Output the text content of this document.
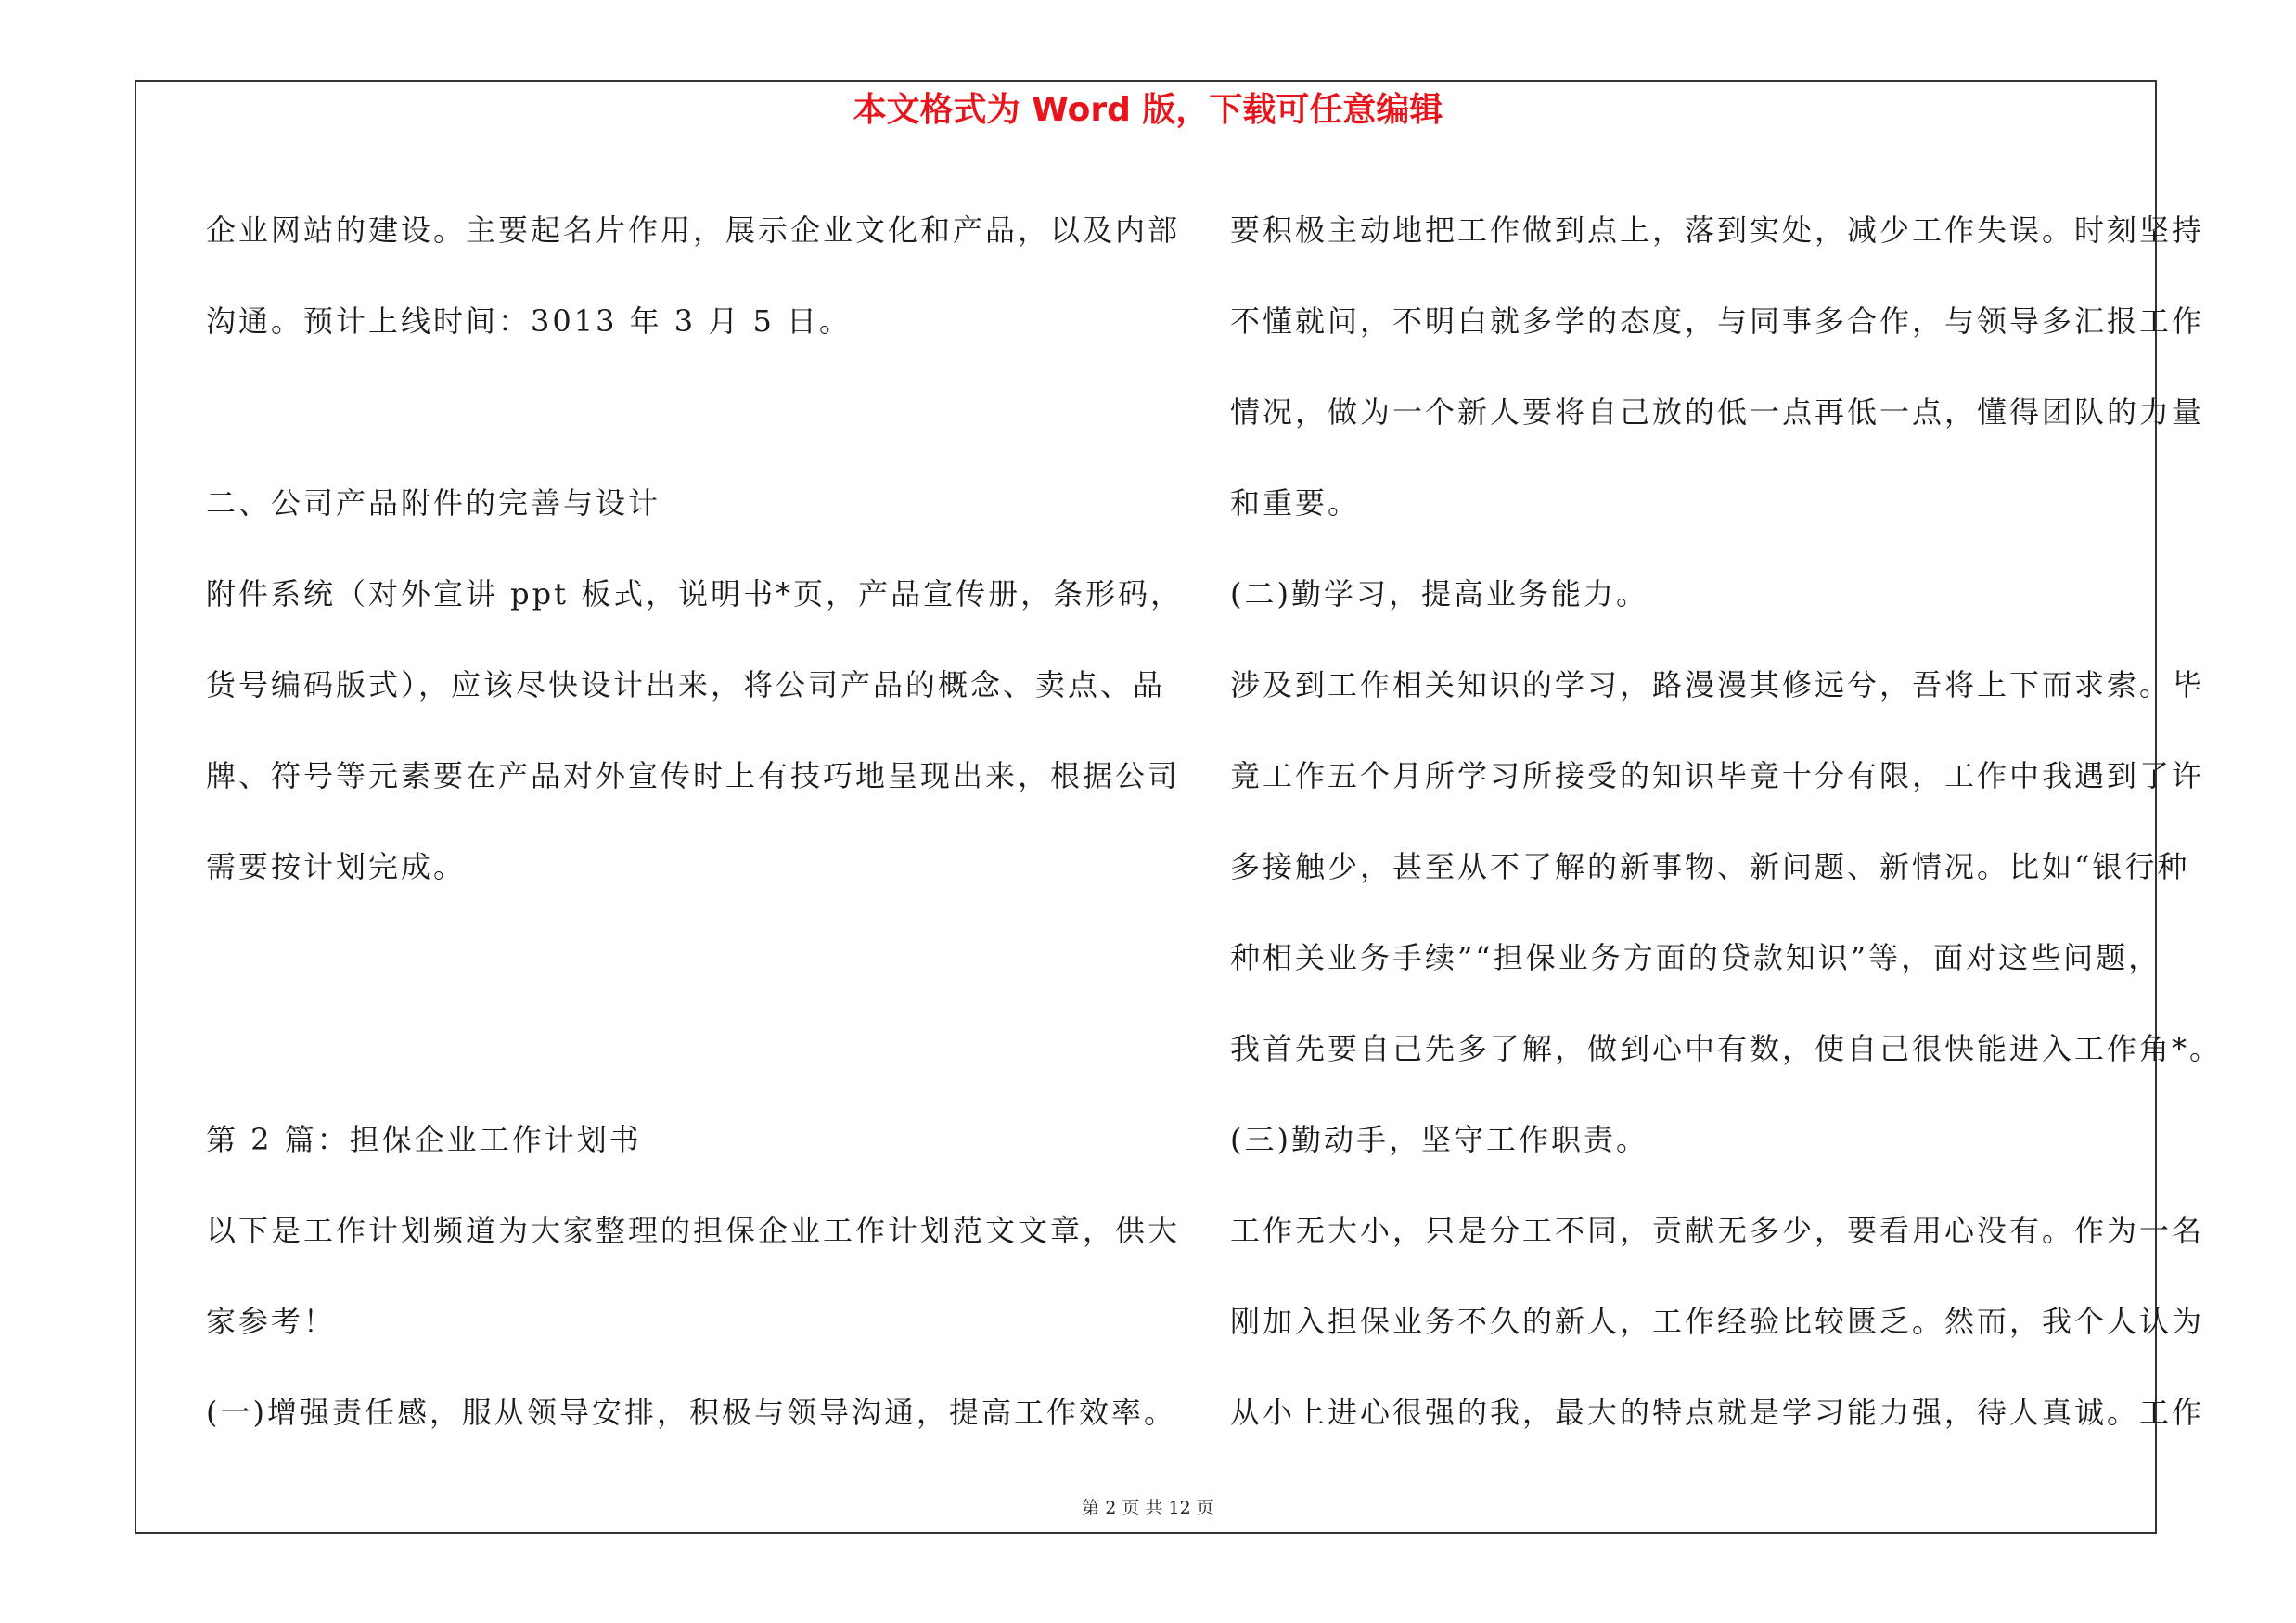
本文格式为 Word 版，下载可任意编辑
企业网站的建设。主要起名片作用，展示企业文化和产品，以及内部
沟通。预计上线时间：3013 年 3 月 5 日。
二、公司产品附件的完善与设计
附件系统（对外宣讲 ppt 板式，说明书*页，产品宣传册，条形码，
货号编码版式），应该尽快设计出来，将公司产品的概念、卖点、品
牌、符号等元素要在产品对外宣传时上有技巧地呈现出来，根据公司
需要按计划完成。
第 2 篇：担保企业工作计划书
以下是工作计划频道为大家整理的担保企业工作计划范文文章，供大
家参考！
(一)增强责任感，服从领导安排，积极与领导沟通，提高工作效率。
要积极主动地把工作做到点上，落到实处，减少工作失误。时刻坚持
不懂就问，不明白就多学的态度，与同事多合作，与领导多汇报工作
情况，做为一个新人要将自己放的低一点再低一点，懂得团队的力量
和重要。
(二)勤学习，提高业务能力。
涉及到工作相关知识的学习，路漫漫其修远兮，吾将上下而求索。毕
竟工作五个月所学习所接受的知识毕竟十分有限，工作中我遇到了许
多接触少，甚至从不了解的新事物、新问题、新情况。比如“银行种
种相关业务手续”“担保业务方面的贷款知识”等，面对这些问题，
我首先要自己先多了解，做到心中有数，使自己很快能进入工作角*。
(三)勤动手，坚守工作职责。
工作无大小，只是分工不同，贡献无多少，要看用心没有。作为一名
刚加入担保业务不久的新人，工作经验比较匮乏。然而，我个人认为
从小上进心很强的我，最大的特点就是学习能力强，待人真诚。工作
第 2 页 共 12 页
